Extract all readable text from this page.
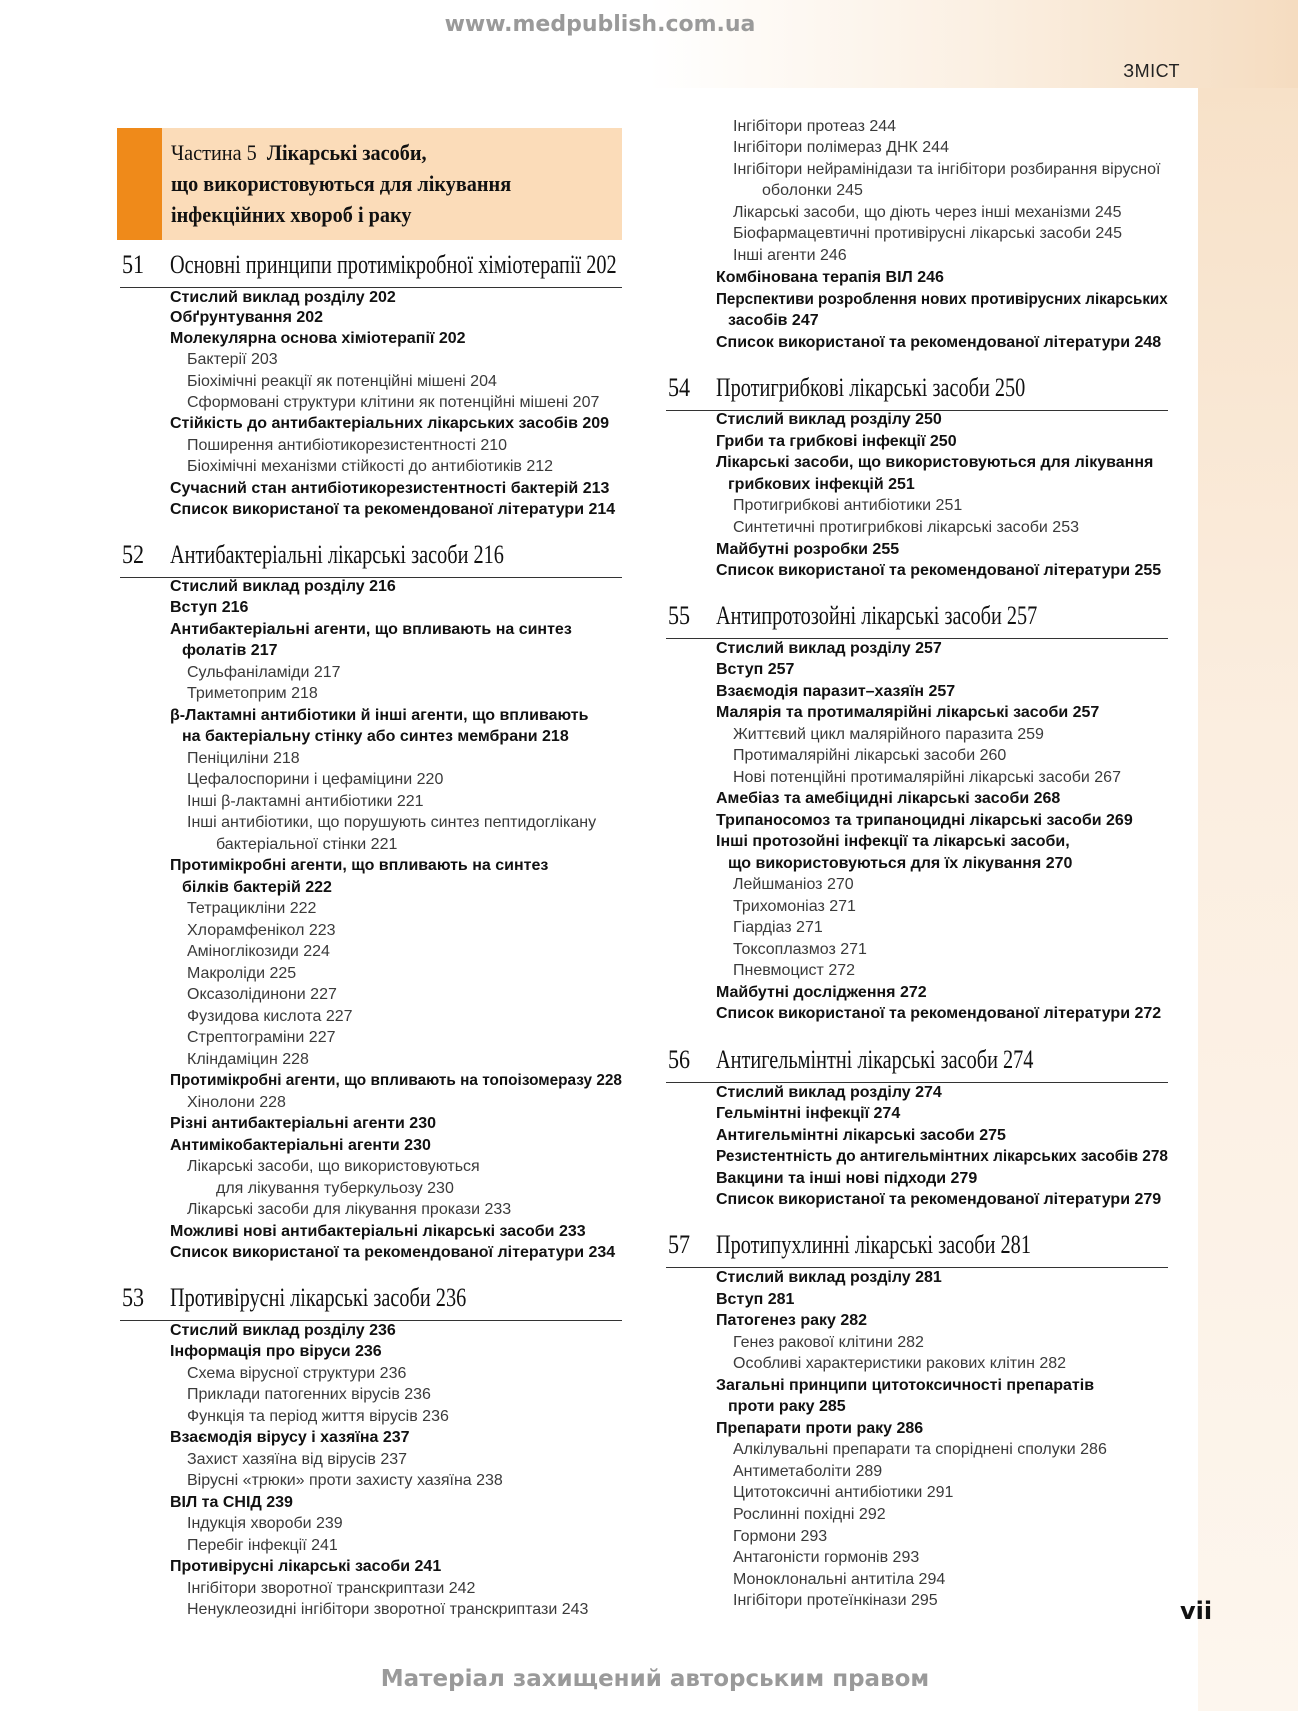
www.medpublish.com.ua
ЗМІСТ
Частина 5 Лікарські засоби,
що використовуються для лікування
інфекційних хвороб і раку
51 Основні принципи протимікробної хіміотерапії 202
Стислий виклад розділу 202
Обґрунтування 202
Молекулярна основа хіміотерапії 202
Бактерії 203
Біохімічні реакції як потенційні мішені 204
Сформовані структури клітини як потенційні мішені 207
Стійкість до антибактеріальних лікарських засобів 209
Поширення антибіотикорезистентності 210
Біохімічні механізми стійкості до антибіотиків 212
Сучасний стан антибіотикорезистентності бактерій 213
Список використаної та рекомендованої літератури 214
52 Антибактеріальні лікарські засоби 216
Стислий виклад розділу 216
Вступ 216
Антибактеріальні агенти, що впливають на синтез
фолатів 217
Сульфаніламіди 217
Триметоприм 218
β-Лактамні антибіотики й інші агенти, що впливають
на бактеріальну стінку або синтез мембрани 218
Пеніциліни 218
Цефалоспорини і цефаміцини 220
Інші β-лактамні антибіотики 221
Інші антибіотики, що порушують синтез пептидоглікану
бактеріальної стінки 221
Протимікробні агенти, що впливають на синтез
білків бактерій 222
Тетрацикліни 222
Хлорамфенікол 223
Аміноглікозиди 224
Макроліди 225
Оксазолідинони 227
Фузидова кислота 227
Стрептограміни 227
Кліндаміцин 228
Протимікробні агенти, що впливають на топоізомеразу 228
Хінолони 228
Різні антибактеріальні агенти 230
Антимікобактеріальні агенти 230
Лікарські засоби, що використовуються
для лікування туберкульозу 230
Лікарські засоби для лікування прокази 233
Можливі нові антибактеріальні лікарські засоби 233
Список використаної та рекомендованої літератури 234
53 Противірусні лікарські засоби 236
Стислий виклад розділу 236
Інформація про віруси 236
Схема вірусної структури 236
Приклади патогенних вірусів 236
Функція та період життя вірусів 236
Взаємодія вірусу і хазяїна 237
Захист хазяїна від вірусів 237
Вірусні «трюки» проти захисту хазяїна 238
ВІЛ та СНІД 239
Індукція хвороби 239
Перебіг інфекції 241
Противірусні лікарські засоби 241
Інгібітори зворотної транскриптази 242
Ненуклеозидні інгібітори зворотної транскриптази 243
Інгібітори протеаз 244
Інгібітори полімераз ДНК 244
Інгібітори нейрамінідази та інгібітори розбирання вірусної
оболонки 245
Лікарські засоби, що діють через інші механізми 245
Біофармацевтичні противірусні лікарські засоби 245
Інші агенти 246
Комбінована терапія ВІЛ 246
Перспективи розроблення нових противірусних лікарських
засобів 247
Список використаної та рекомендованої літератури 248
54 Протигрибкові лікарські засоби 250
Стислий виклад розділу 250
Гриби та грибкові інфекції 250
Лікарські засоби, що використовуються для лікування
грибкових інфекцій 251
Протигрибкові антибіотики 251
Синтетичні протигрибкові лікарські засоби 253
Майбутні розробки 255
Список використаної та рекомендованої літератури 255
55 Антипротозойні лікарські засоби 257
Стислий виклад розділу 257
Вступ 257
Взаємодія паразит–хазяїн 257
Малярія та протималярійні лікарські засоби 257
Життєвий цикл малярійного паразита 259
Протималярійні лікарські засоби 260
Нові потенційні протималярійні лікарські засоби 267
Амебіаз та амебіцидні лікарські засоби 268
Трипаносомоз та трипаноцидні лікарські засоби 269
Інші протозойні інфекції та лікарські засоби,
що використовуються для їх лікування 270
Лейшманіоз 270
Трихомоніаз 271
Гіардіаз 271
Токсоплазмоз 271
Пневмоцист 272
Майбутні дослідження 272
Список використаної та рекомендованої літератури 272
56 Антигельмінтні лікарські засоби 274
Стислий виклад розділу 274
Гельмінтні інфекції 274
Антигельмінтні лікарські засоби 275
Резистентність до антигельмінтних лікарських засобів 278
Вакцини та інші нові підходи 279
Список використаної та рекомендованої літератури 279
57 Протипухлинні лікарські засоби 281
Стислий виклад розділу 281
Вступ 281
Патогенез раку 282
Генез ракової клітини 282
Особливі характеристики ракових клітин 282
Загальні принципи цитотоксичності препаратів
проти раку 285
Препарати проти раку 286
Алкілувальні препарати та споріднені сполуки 286
Антиметаболіти 289
Цитотоксичні антибіотики 291
Рослинні похідні 292
Гормони 293
Антагоністи гормонів 293
Моноклональні антитіла 294
Інгібітори протеїнкінази 295	vii
Матеріал захищений авторським правом
